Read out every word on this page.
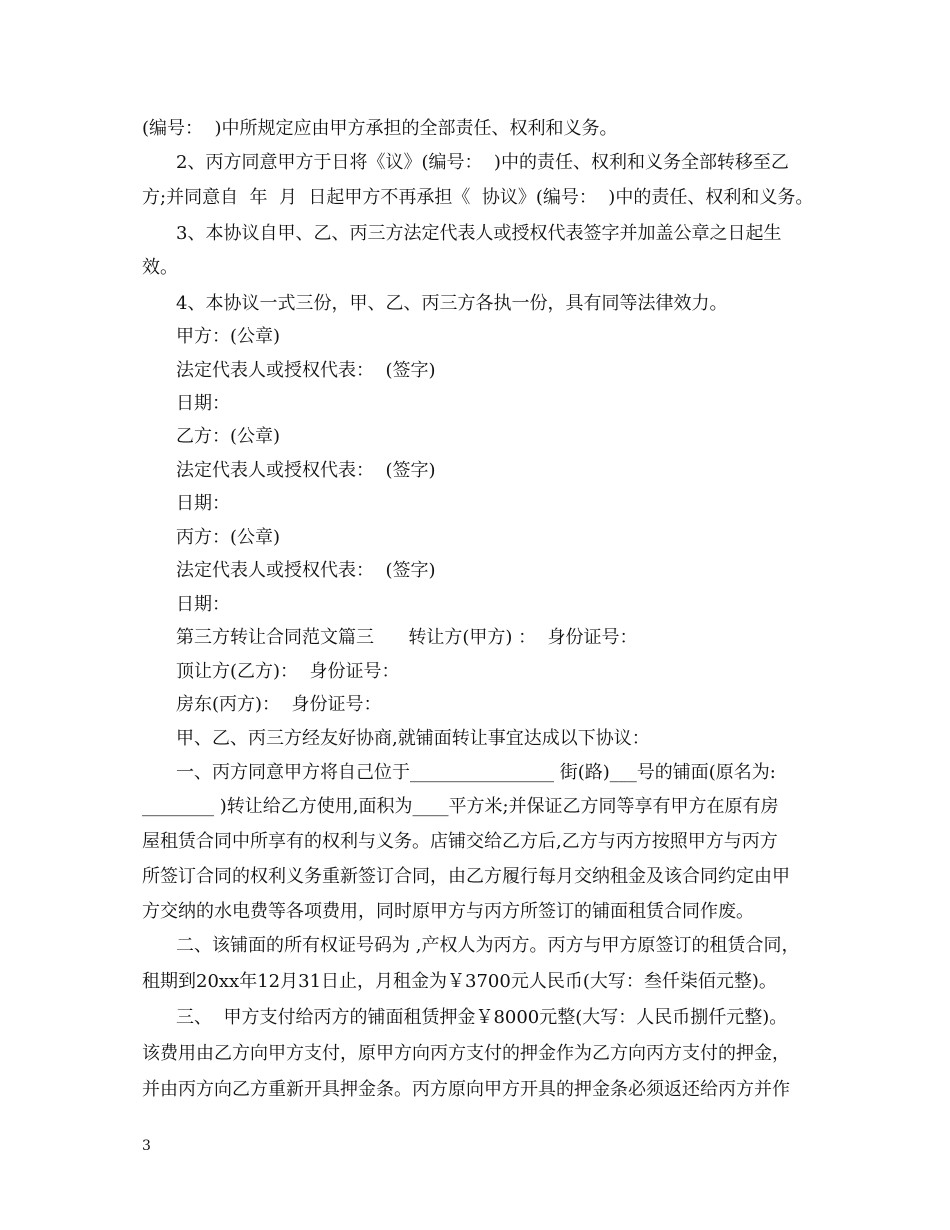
(编号：  )中所规定应由甲方承担的全部责任、权利和义务。
2、丙方同意甲方于日将《议》(编号：  )中的责任、权利和义务全部转移至乙
方;并同意自  年  月  日起甲方不再承担《  协议》(编号：  )中的责任、权利和义务。
3、本协议自甲、乙、丙三方法定代表人或授权代表签字并加盖公章之日起生
效。
4、本协议一式三份，甲、乙、丙三方各执一份，具有同等法律效力。
甲方：(公章)
法定代表人或授权代表：  (签字)
日期：
乙方：(公章)
法定代表人或授权代表：  (签字)
日期：
丙方：(公章)
法定代表人或授权代表：  (签字)
日期：
第三方转让合同范文篇三      转让方(甲方) ：  身份证号：
顶让方(乙方)：  身份证号：
房东(丙方)：  身份证号：
甲、乙、丙三方经友好协商,就铺面转让事宜达成以下协议：
一、丙方同意甲方将自己位于________________ 街(路)___号的铺面(原名为:
________ )转让给乙方使用,面积为____平方米;并保证乙方同等享有甲方在原有房
屋租赁合同中所享有的权利与义务。店铺交给乙方后,乙方与丙方按照甲方与丙方
所签订合同的权利义务重新签订合同，由乙方履行每月交纳租金及该合同约定由甲
方交纳的水电费等各项费用，同时原甲方与丙方所签订的铺面租赁合同作废。
二、该铺面的所有权证号码为 ,产权人为丙方。丙方与甲方原签订的租赁合同，
租期到20xx年12月31日止，月租金为￥3700元人民币(大写：叁仟柒佰元整)。
三、  甲方支付给丙方的铺面租赁押金￥8000元整(大写：人民币捌仟元整)。
该费用由乙方向甲方支付，原甲方向丙方支付的押金作为乙方向丙方支付的押金，
并由丙方向乙方重新开具押金条。丙方原向甲方开具的押金条必须返还给丙方并作
3
